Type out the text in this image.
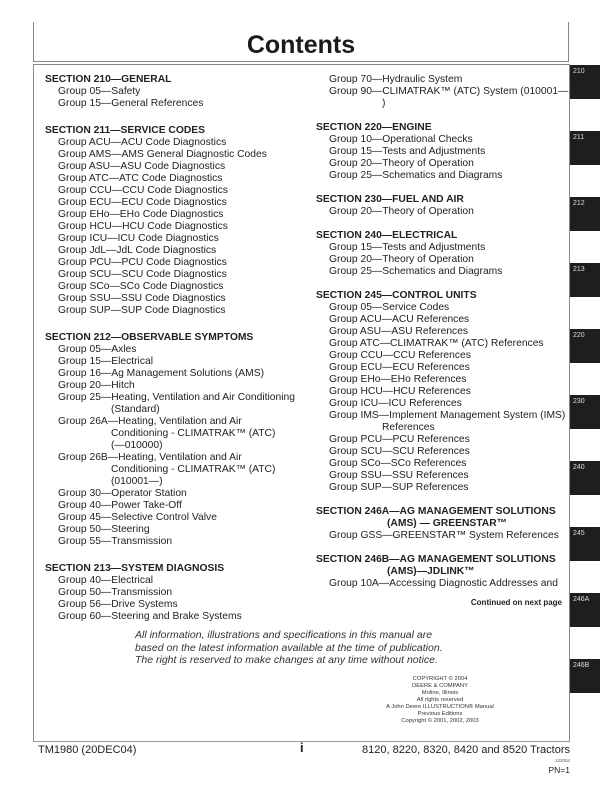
Contents
SECTION 210—GENERAL
Group 05—Safety
Group 15—General References
SECTION 211—SERVICE CODES
Group ACU—ACU Code Diagnostics
Group AMS—AMS General Diagnostic Codes
Group ASU—ASU Code Diagnostics
Group ATC—ATC Code Diagnostics
Group CCU—CCU Code Diagnostics
Group ECU—ECU Code Diagnostics
Group EHo—EHo Code Diagnostics
Group HCU—HCU Code Diagnostics
Group ICU—ICU Code Diagnostics
Group JdL—JdL Code Diagnostics
Group PCU—PCU Code Diagnostics
Group SCU—SCU Code Diagnostics
Group SCo—SCo Code Diagnostics
Group SSU—SSU Code Diagnostics
Group SUP—SUP Code Diagnostics
SECTION 212—OBSERVABLE SYMPTOMS
Group 05—Axles
Group 15—Electrical
Group 16—Ag Management Solutions (AMS)
Group 20—Hitch
Group 25—Heating, Ventilation and Air Conditioning
(Standard)
Group 26A—Heating, Ventilation and Air
Conditioning - CLIMATRAK™ (ATC)
(—010000)
Group 26B—Heating, Ventilation and Air
Conditioning - CLIMATRAK™ (ATC)
(010001—)
Group 30—Operator Station
Group 40—Power Take-Off
Group 45—Selective Control Valve
Group 50—Steering
Group 55—Transmission
SECTION 213—SYSTEM DIAGNOSIS
Group 40—Electrical
Group 50—Transmission
Group 56—Drive Systems
Group 60—Steering and Brake Systems
Group 70—Hydraulic System
Group 90—CLIMATRAK™ (ATC) System (010001—
)
SECTION 220—ENGINE
Group 10—Operational Checks
Group 15—Tests and Adjustments
Group 20—Theory of Operation
Group 25—Schematics and Diagrams
SECTION 230—FUEL AND AIR
Group 20—Theory of Operation
SECTION 240—ELECTRICAL
Group 15—Tests and Adjustments
Group 20—Theory of Operation
Group 25—Schematics and Diagrams
SECTION 245—CONTROL UNITS
Group 05—Service Codes
Group ACU—ACU References
Group ASU—ASU References
Group ATC—CLIMATRAK™ (ATC) References
Group CCU—CCU References
Group ECU—ECU References
Group EHo—EHo References
Group HCU—HCU References
Group ICU—ICU References
Group IMS—Implement Management System (IMS)
References
Group PCU—PCU References
Group SCU—SCU References
Group SCo—SCo References
Group SSU—SSU References
Group SUP—SUP References
SECTION 246A—AG MANAGEMENT SOLUTIONS
(AMS) — GREENSTAR™
Group GSS—GREENSTAR™ System References
SECTION 246B—AG MANAGEMENT SOLUTIONS
(AMS)—JDLINK™
Group 10A—Accessing Diagnostic Addresses and
Continued on next page
All information, illustrations and specifications in this manual are based on the latest information available at the time of publication. The right is reserved to make changes at any time without notice.
COPYRIGHT © 2004
DEERE & COMPANY
Moline, Illinois
All rights reserved
A John Deere ILLUSTRUCTION® Manual
Previous Editions
Copyright © 2001, 2002, 2003
210
211
212
213
220
230
240
245
246A
246B
TM1980 (20DEC04)	i	8120, 8220, 8320, 8420 and 8520 Tractors
122004
PN=1
